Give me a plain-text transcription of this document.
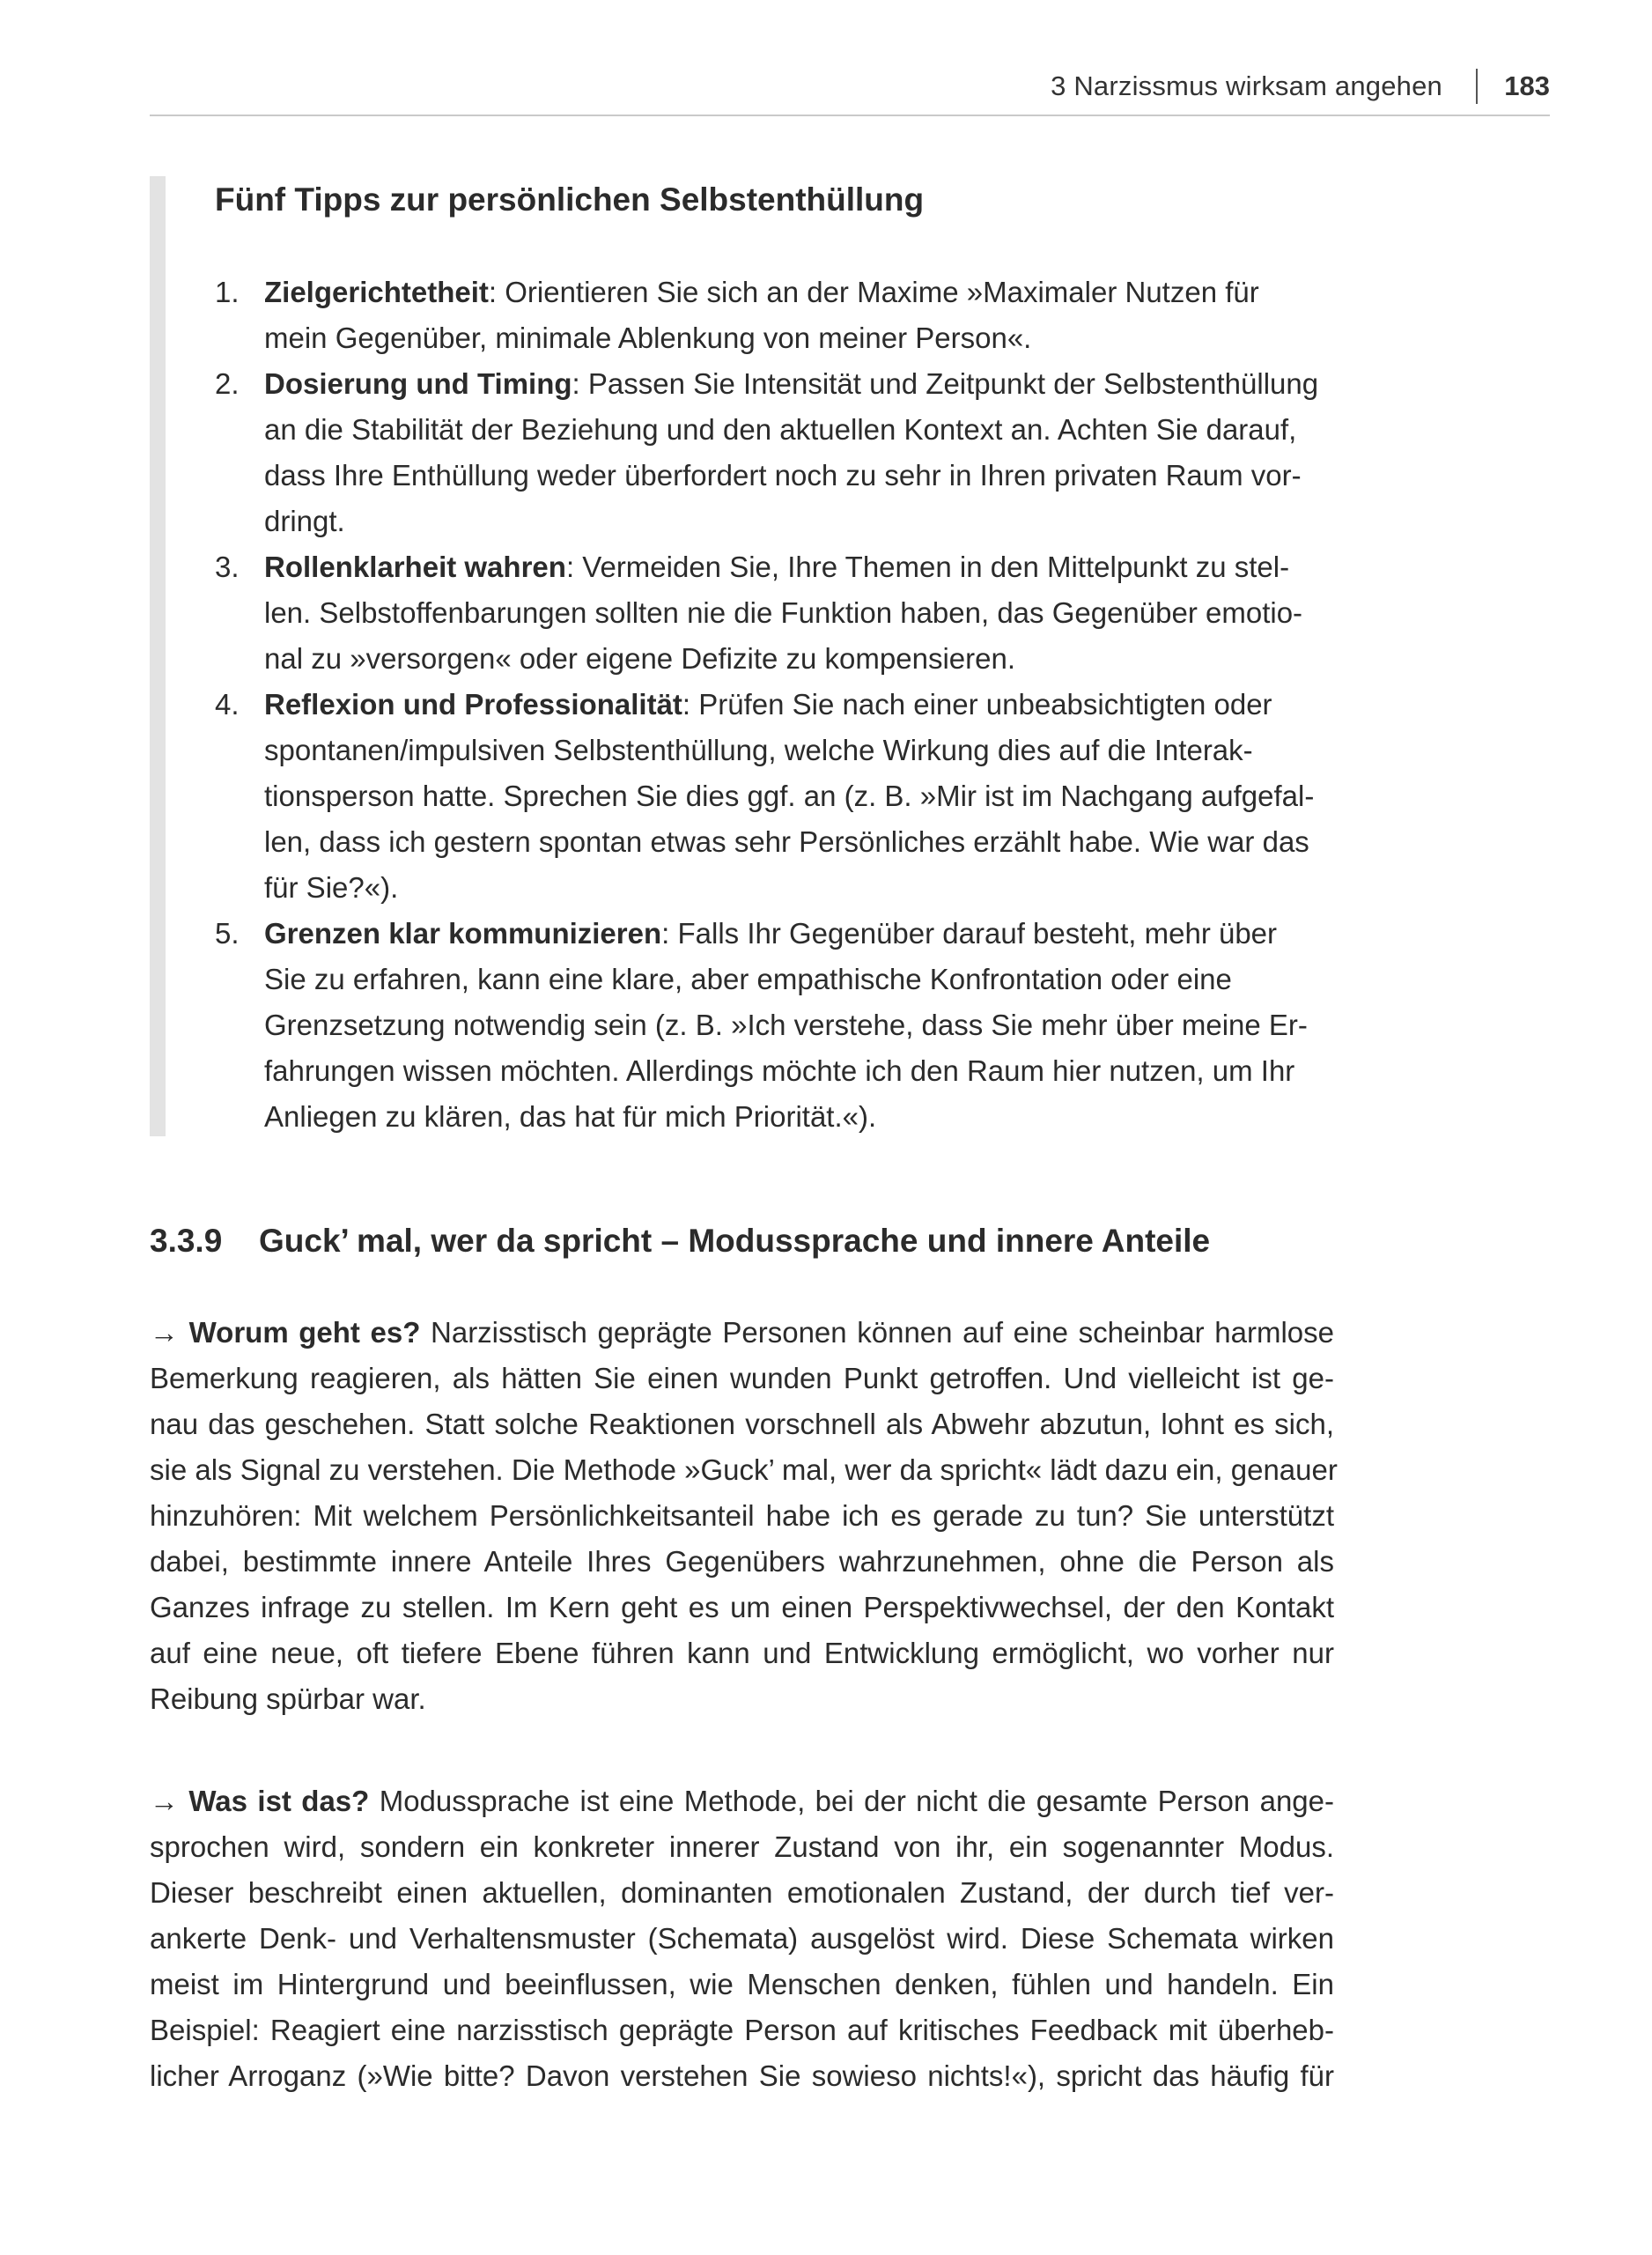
3 Narzissmus wirksam angehen 183
Fünf Tipps zur persönlichen Selbstenthüllung
1. Zielgerichtetheit: Orientieren Sie sich an der Maxime »Maximaler Nutzen für
mein Gegenüber, minimale Ablenkung von meiner Person«.
2. Dosierung und Timing: Passen Sie Intensität und Zeitpunkt der Selbstenthüllung
an die Stabilität der Beziehung und den aktuellen Kontext an. Achten Sie darauf,
dass Ihre Enthüllung weder überfordert noch zu sehr in Ihren privaten Raum vor-
dringt.
3. Rollenklarheit wahren: Vermeiden Sie, Ihre Themen in den Mittelpunkt zu stel-
len. Selbstoffenbarungen sollten nie die Funktion haben, das Gegenüber emotio-
nal zu »versorgen« oder eigene Defizite zu kompensieren.
4. Reflexion und Professionalität: Prüfen Sie nach einer unbeabsichtigten oder
spontanen/impulsiven Selbstenthüllung, welche Wirkung dies auf die Interak-
tionsperson hatte. Sprechen Sie dies ggf. an (z. B. »Mir ist im Nachgang aufgefal-
len, dass ich gestern spontan etwas sehr Persönliches erzählt habe. Wie war das
für Sie?«).
5. Grenzen klar kommunizieren: Falls Ihr Gegenüber darauf besteht, mehr über
Sie zu erfahren, kann eine klare, aber empathische Konfrontation oder eine
Grenzsetzung notwendig sein (z. B. »Ich verstehe, dass Sie mehr über meine Er-
fahrungen wissen möchten. Allerdings möchte ich den Raum hier nutzen, um Ihr
Anliegen zu klären, das hat für mich Priorität.«).
3.3.9 Guck’ mal, wer da spricht – Modussprache und innere Anteile
→ Worum geht es? Narzisstisch geprägte Personen können auf eine scheinbar harmlose
Bemerkung reagieren, als hätten Sie einen wunden Punkt getroffen. Und vielleicht ist ge-
nau das geschehen. Statt solche Reaktionen vorschnell als Abwehr abzutun, lohnt es sich,
sie als Signal zu verstehen. Die Methode »Guck’ mal, wer da spricht« lädt dazu ein, genauer
hinzuhören: Mit welchem Persönlichkeitsanteil habe ich es gerade zu tun? Sie unterstützt
dabei, bestimmte innere Anteile Ihres Gegenübers wahrzunehmen, ohne die Person als
Ganzes infrage zu stellen. Im Kern geht es um einen Perspektivwechsel, der den Kontakt
auf eine neue, oft tiefere Ebene führen kann und Entwicklung ermöglicht, wo vorher nur
Reibung spürbar war.
→ Was ist das? Modussprache ist eine Methode, bei der nicht die gesamte Person ange-
sprochen wird, sondern ein konkreter innerer Zustand von ihr, ein sogenannter Modus.
Dieser beschreibt einen aktuellen, dominanten emotionalen Zustand, der durch tief ver-
ankerte Denk- und Verhaltensmuster (Schemata) ausgelöst wird. Diese Schemata wirken
meist im Hintergrund und beeinflussen, wie Menschen denken, fühlen und handeln. Ein
Beispiel: Reagiert eine narzisstisch geprägte Person auf kritisches Feedback mit überheb-
licher Arroganz (»Wie bitte? Davon verstehen Sie sowieso nichts!«), spricht das häufig für
